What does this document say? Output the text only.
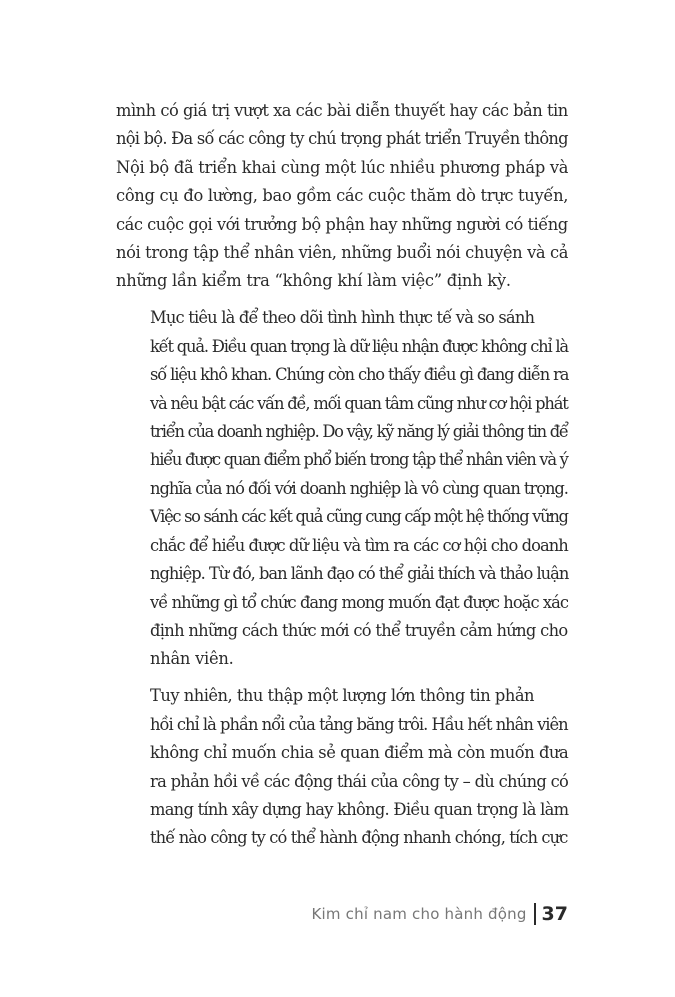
mình có giá trị vượt xa các bài diễn thuyết hay các bản tin
nội bộ. Đa số các công ty chú trọng phát triển Truyền thông
Nội bộ đã triển khai cùng một lúc nhiều phương pháp và
công cụ đo lường, bao gồm các cuộc thăm dò trực tuyến,
các cuộc gọi với trưởng bộ phận hay những người có tiếng
nói trong tập thể nhân viên, những buổi nói chuyện và cả
những lần kiểm tra “không khí làm việc” định kỳ.

Mục tiêu là để theo dõi tình hình thực tế và so sánh
kết quả. Điều quan trọng là dữ liệu nhận được không chỉ là
số liệu khô khan. Chúng còn cho thấy điều gì đang diễn ra
và nêu bật các vấn đề, mối quan tâm cũng như cơ hội phát
triển của doanh nghiệp. Do vậy, kỹ năng lý giải thông tin để
hiểu được quan điểm phổ biến trong tập thể nhân viên và ý
nghĩa của nó đối với doanh nghiệp là vô cùng quan trọng.
Việc so sánh các kết quả cũng cung cấp một hệ thống vững
chắc để hiểu được dữ liệu và tìm ra các cơ hội cho doanh
nghiệp. Từ đó, ban lãnh đạo có thể giải thích và thảo luận
về những gì tổ chức đang mong muốn đạt được hoặc xác
định những cách thức mới có thể truyền cảm hứng cho
nhân viên.

Tuy nhiên, thu thập một lượng lớn thông tin phản
hồi chỉ là phần nổi của tảng băng trôi. Hầu hết nhân viên
không chỉ muốn chia sẻ quan điểm mà còn muốn đưa
ra phản hồi về các động thái của công ty – dù chúng có
mang tính xây dựng hay không. Điều quan trọng là làm
thế nào công ty có thể hành động nhanh chóng, tích cực

Kim chỉ nam cho hành động 37
